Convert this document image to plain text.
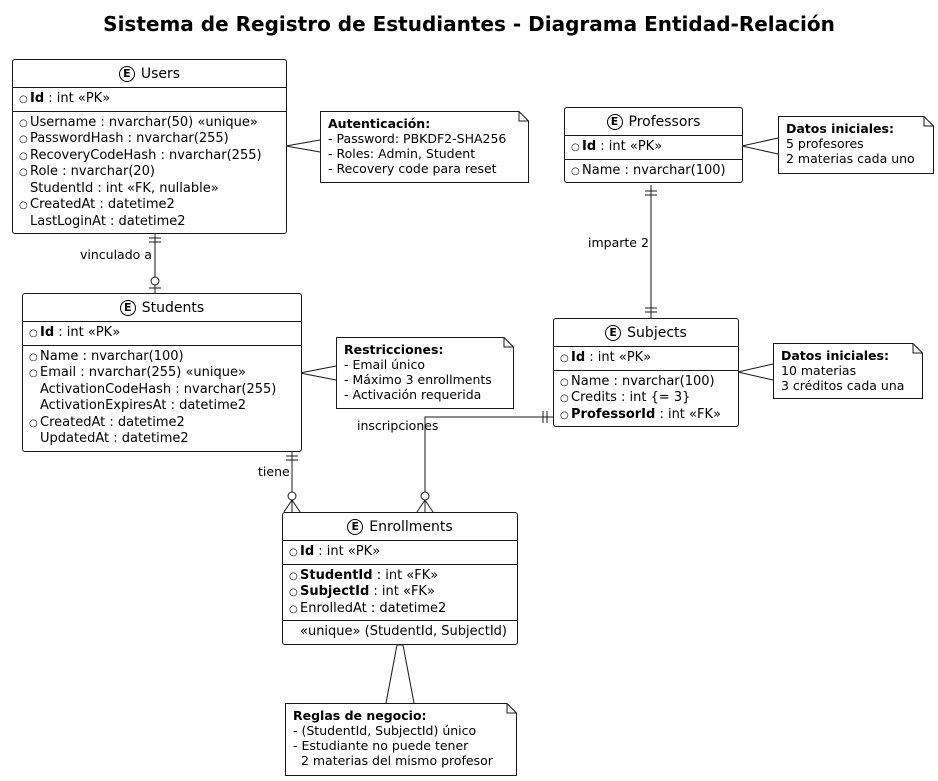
Sistema de Registro de Estudiantes - Diagrama Entidad-Relación
vinculado a
imparte 2
tiene
inscripciones
E Users
○ Id : int «PK»
○ Username : nvarchar(50) «unique»
○ PasswordHash : nvarchar(255)
○ RecoveryCodeHash : nvarchar(255)
○ Role : nvarchar(20)
StudentId : int «FK, nullable»
○ CreatedAt : datetime2
LastLoginAt : datetime2
E Students
○ Id : int «PK»
○ Name : nvarchar(100)
○ Email : nvarchar(255) «unique»
ActivationCodeHash : nvarchar(255)
ActivationExpiresAt : datetime2
○ CreatedAt : datetime2
UpdatedAt : datetime2
E Professors
○ Id : int «PK»
○ Name : nvarchar(100)
E Subjects
○ Id : int «PK»
○ Name : nvarchar(100)
○ Credits : int {= 3}
○ ProfessorId : int «FK»
E Enrollments
○ Id : int «PK»
○ StudentId : int «FK»
○ SubjectId : int «FK»
○ EnrolledAt : datetime2
«unique» (StudentId, SubjectId)
Autenticación:
- Password: PBKDF2-SHA256
- Roles: Admin, Student
- Recovery code para reset
Restricciones:
- Email único
- Máximo 3 enrollments
- Activación requerida
Datos iniciales:
5 profesores
2 materias cada uno
Datos iniciales:
10 materias
3 créditos cada una
Reglas de negocio:
- (StudentId, SubjectId) único
- Estudiante no puede tener
2 materias del mismo profesor
